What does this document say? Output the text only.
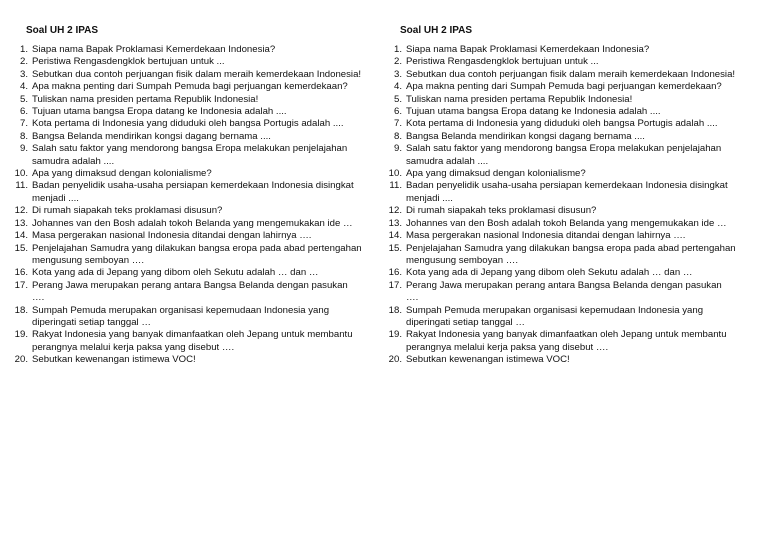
Soal UH 2 IPAS
1. Siapa nama Bapak Proklamasi Kemerdekaan Indonesia?
2. Peristiwa Rengasdengklok bertujuan untuk ...
3. Sebutkan dua contoh perjuangan fisik dalam meraih kemerdekaan Indonesia!
4. Apa makna penting dari Sumpah Pemuda bagi perjuangan kemerdekaan?
5. Tuliskan nama presiden pertama Republik Indonesia!
6. Tujuan utama bangsa Eropa datang ke Indonesia adalah ....
7. Kota pertama di Indonesia yang diduduki oleh bangsa Portugis adalah ....
8. Bangsa Belanda mendirikan kongsi dagang bernama ....
9. Salah satu faktor yang mendorong bangsa Eropa melakukan penjelajahan samudra adalah ....
10. Apa yang dimaksud dengan kolonialisme?
11. Badan penyelidik usaha-usaha persiapan kemerdekaan Indonesia disingkat menjadi ....
12. Di rumah siapakah teks proklamasi disusun?
13. Johannes van den Bosh adalah tokoh Belanda yang mengemukakan ide …
14. Masa pergerakan nasional Indonesia ditandai dengan lahirnya ….
15. Penjelajahan Samudra yang dilakukan bangsa eropa pada abad pertengahan mengusung semboyan ….
16. Kota yang ada di Jepang yang dibom oleh Sekutu adalah … dan …
17. Perang Jawa merupakan perang antara Bangsa Belanda dengan pasukan ….
18. Sumpah Pemuda merupakan organisasi kepemudaan Indonesia yang diperingati setiap tanggal …
19. Rakyat Indonesia yang banyak dimanfaatkan oleh Jepang untuk membantu perangnya melalui kerja paksa yang disebut ….
20. Sebutkan kewenangan istimewa VOC!
Soal UH 2 IPAS
1. Siapa nama Bapak Proklamasi Kemerdekaan Indonesia?
2. Peristiwa Rengasdengklok bertujuan untuk ...
3. Sebutkan dua contoh perjuangan fisik dalam meraih kemerdekaan Indonesia!
4. Apa makna penting dari Sumpah Pemuda bagi perjuangan kemerdekaan?
5. Tuliskan nama presiden pertama Republik Indonesia!
6. Tujuan utama bangsa Eropa datang ke Indonesia adalah ....
7. Kota pertama di Indonesia yang diduduki oleh bangsa Portugis adalah ....
8. Bangsa Belanda mendirikan kongsi dagang bernama ....
9. Salah satu faktor yang mendorong bangsa Eropa melakukan penjelajahan samudra adalah ....
10. Apa yang dimaksud dengan kolonialisme?
11. Badan penyelidik usaha-usaha persiapan kemerdekaan Indonesia disingkat menjadi ....
12. Di rumah siapakah teks proklamasi disusun?
13. Johannes van den Bosh adalah tokoh Belanda yang mengemukakan ide …
14. Masa pergerakan nasional Indonesia ditandai dengan lahirnya ….
15. Penjelajahan Samudra yang dilakukan bangsa eropa pada abad pertengahan mengusung semboyan ….
16. Kota yang ada di Jepang yang dibom oleh Sekutu adalah … dan …
17. Perang Jawa merupakan perang antara Bangsa Belanda dengan pasukan ….
18. Sumpah Pemuda merupakan organisasi kepemudaan Indonesia yang diperingati setiap tanggal …
19. Rakyat Indonesia yang banyak dimanfaatkan oleh Jepang untuk membantu perangnya melalui kerja paksa yang disebut ….
20. Sebutkan kewenangan istimewa VOC!
